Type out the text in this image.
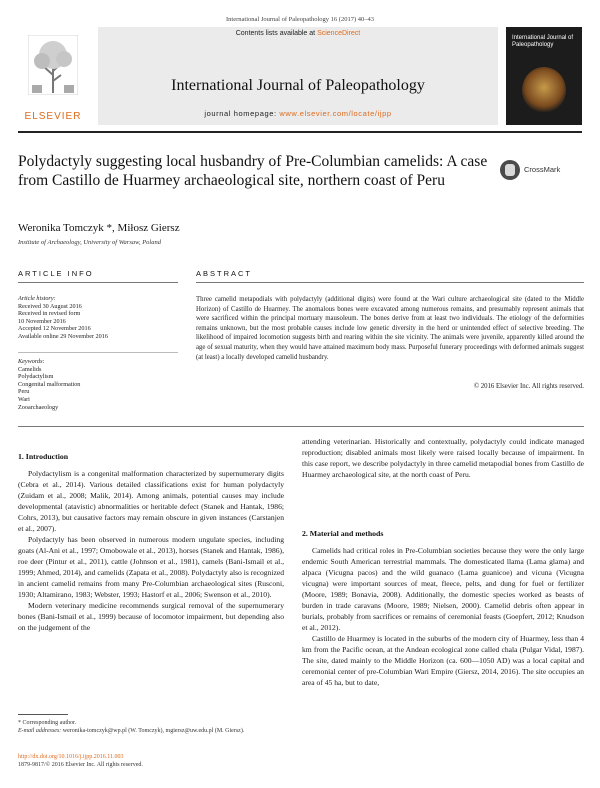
International Journal of Paleopathology 16 (2017) 40–43
ELSEVIER
Contents lists available at ScienceDirect
International Journal of Paleopathology
journal homepage: www.elsevier.com/locate/ijpp
International Journal of Paleopathology
Polydactyly suggesting local husbandry of Pre-Columbian camelids: A case from Castillo de Huarmey archaeological site, northern coast of Peru
CrossMark
Weronika Tomczyk *, Miłosz Giersz
Institute of Archaeology, University of Warsaw, Poland
ARTICLE INFO	ABSTRACT
Article history:
Received 30 August 2016
Received in revised form
10 November 2016
Accepted 12 November 2016
Available online 29 November 2016
Keywords:
Camelids
Polydactylism
Congenital malformation
Peru
Wari
Zooarchaeology
Three camelid metapodials with polydactyly (additional digits) were found at the Wari culture archaeological site (dated to the Middle Horizon) of Castillo de Huarmey. The anomalous bones were excavated among numerous remains, and presumably represent animals that were sacrificed within the principal mortuary mausoleum. The bones derive from at least two individuals. The etiology of the deformities remains unknown, but the most probable causes include low genetic diversity in the herd or unintended effect of selective breeding. The likelihood of impaired locomotion suggests birth and rearing within the site vicinity. The animals were juvenile, apparently killed around the age of sexual maturity, when they would have attained maximum body mass. Purposeful funerary proceedings with deformed animals suggest (at least) a locally developed camelid husbandry.
© 2016 Elsevier Inc. All rights reserved.
1. Introduction

Polydactylism is a congenital malformation characterized by supernumerary digits (Cebra et al., 2014). Various detailed classifications exist for human polydactyly (Zuidam et al., 2008; Malik, 2014). Among animals, potential causes may include developmental (atavistic) abnormalities or heritable defect (Stanek and Hantak, 1986; Cohrs, 2013), but causative factors may remain obscure in given instances (Carstanjen et al., 2007).

Polydactyly has been observed in numerous modern ungulate species, including goats (Al-Ani et al., 1997; Omobowale et al., 2013), horses (Stanek and Hantak, 1986), roe deer (Pintur et al., 2011), cattle (Johnson et al., 1981), camels (Bani-Ismail et al., 1999; Ahmed, 2014), and camelids (Zapata et al., 2008). Polydactyly also is recognized in ancient camelid remains from many Pre-Columbian archaeological sites (Rusconi, 1930; Altamirano, 1983; Webster, 1993; Hastorf et al., 2006; Swenson et al., 2010).

Modern veterinary medicine recommends surgical removal of the supernumerary bones (Bani-Ismail et al., 1999) because of locomotor impairment, but depending also on the judgement of the

attending veterinarian. Historically and contextually, polydactyly could indicate managed reproduction; disabled animals most likely were raised locally because of impairment. In this case report, we describe polydactyly in three camelid metapodial bones from Castillo de Huarmey archaeological site, at the north coast of Peru.

2. Material and methods

Camelids had critical roles in Pre-Columbian societies because they were the only large endemic South American terrestrial mammals. The domesticated llama (Lama glama) and alpaca (Vicugna pacos) and the wild guanaco (Lama guanicoe) and vicuna (Vicugna vicugna) were important sources of meat, fleece, pelts, and dung for fuel or fertilizer (Moore, 1989; Bonavia, 2008). Additionally, the domestic species worked as beasts of burden in trade caravans (Moore, 1989; Nielsen, 2000). Camelid debris often appear in burials, probably from sacrifices or remains of ceremonial feasts (Goepfert, 2012; Knudson et al., 2012).

Castillo de Huarmey is located in the suburbs of the modern city of Huarmey, less than 4 km from the Pacific ocean, at the Andean ecological zone called chala (Pulgar Vidal, 1987). The site, dated mainly to the Middle Horizon (ca. 600––1050 AD) was a local capital and ceremonial center of pre-Columbian Wari Empire (Giersz, 2014, 2016). The site occupies an area of 45 ha, but to date,

* Corresponding author.
E-mail addresses: weronika-tomczyk@wp.pl (W. Tomczyk), mgiersz@uw.edu.pl (M. Giersz).
http://dx.doi.org/10.1016/j.ijpp.2016.11.003
1879-9817/© 2016 Elsevier Inc. All rights reserved.
